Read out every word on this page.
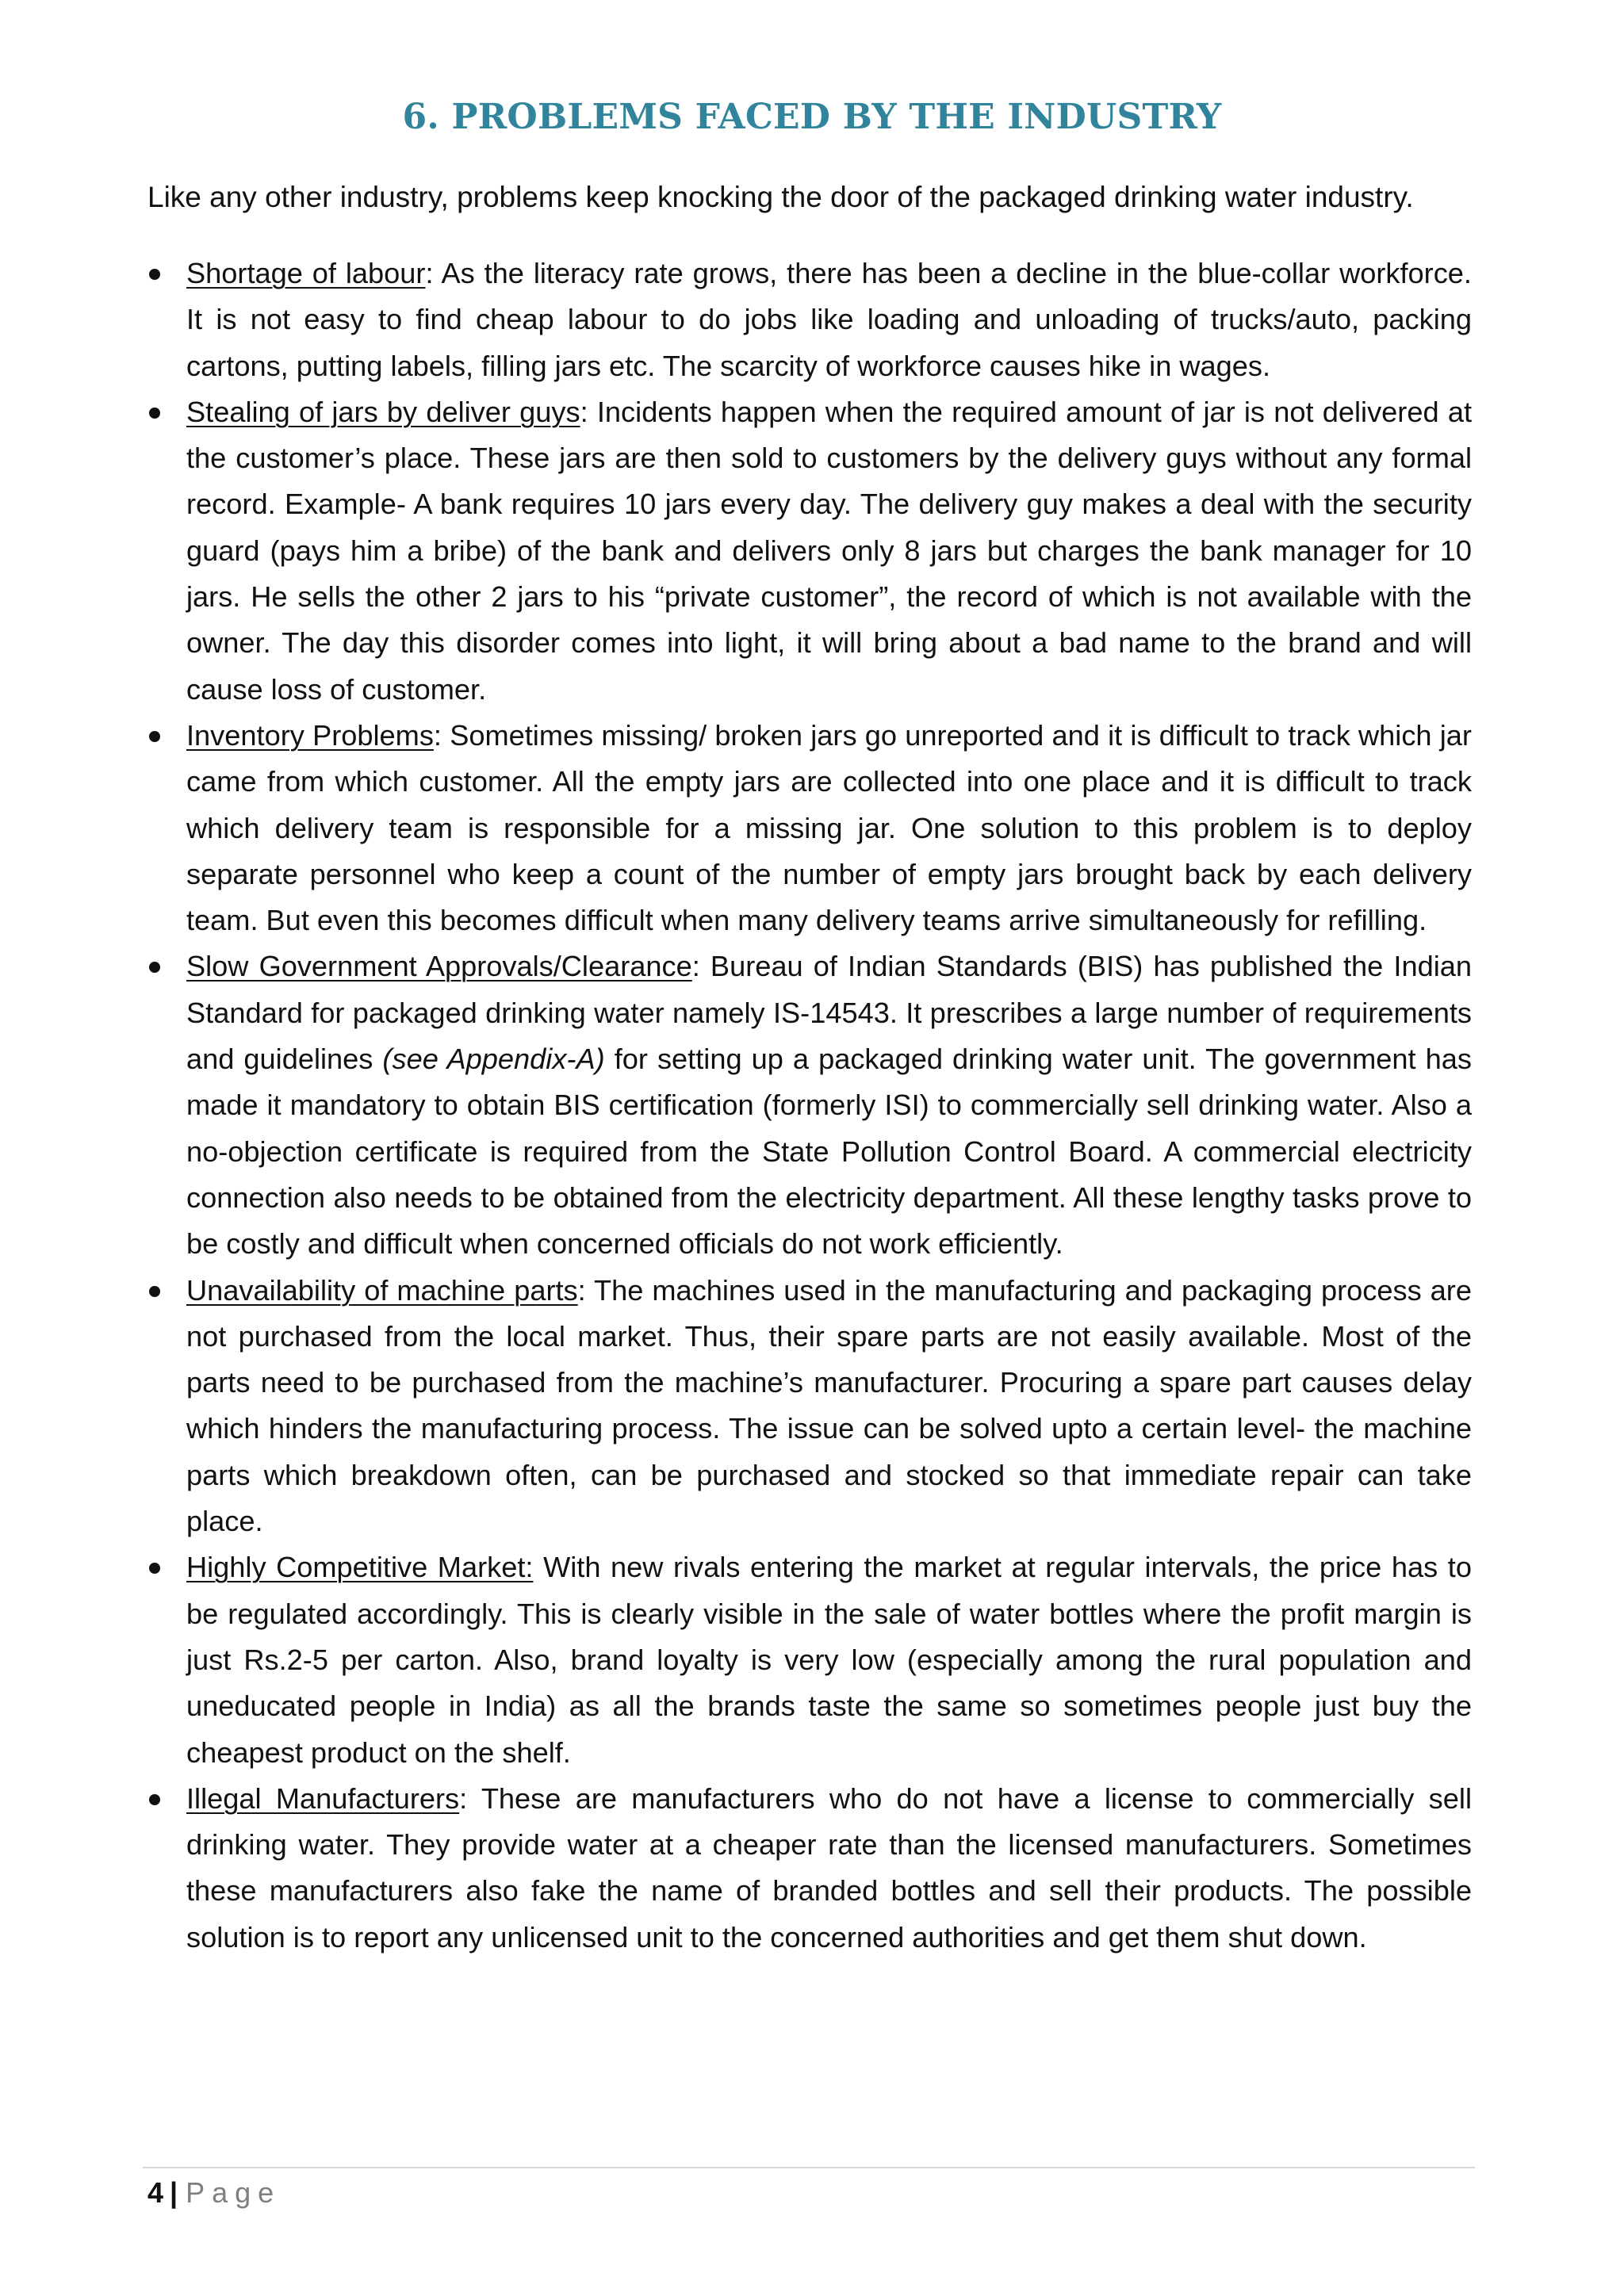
6. PROBLEMS FACED BY THE INDUSTRY

Like any other industry, problems keep knocking the door of the packaged drinking water industry.

Shortage of labour: As the literacy rate grows, there has been a decline in the blue-collar workforce. It is not easy to find cheap labour to do jobs like loading and unloading of trucks/auto, packing cartons, putting labels, filling jars etc. The scarcity of workforce causes hike in wages.
Stealing of jars by deliver guys: Incidents happen when the required amount of jar is not delivered at the customer’s place. These jars are then sold to customers by the delivery guys without any formal record. Example- A bank requires 10 jars every day. The delivery guy makes a deal with the security guard (pays him a bribe) of the bank and delivers only 8 jars but charges the bank manager for 10 jars. He sells the other 2 jars to his “private customer”, the record of which is not available with the owner. The day this disorder comes into light, it will bring about a bad name to the brand and will cause loss of customer.
Inventory Problems: Sometimes missing/ broken jars go unreported and it is difficult to track which jar came from which customer. All the empty jars are collected into one place and it is difficult to track which delivery team is responsible for a missing jar. One solution to this problem is to deploy separate personnel who keep a count of the number of empty jars brought back by each delivery team. But even this becomes difficult when many delivery teams arrive simultaneously for refilling.
Slow Government Approvals/Clearance: Bureau of Indian Standards (BIS) has published the Indian Standard for packaged drinking water namely IS-14543. It prescribes a large number of requirements and guidelines (see Appendix-A) for setting up a packaged drinking water unit. The government has made it mandatory to obtain BIS certification (formerly ISI) to commercially sell drinking water. Also a no-objection certificate is required from the State Pollution Control Board. A commercial electricity connection also needs to be obtained from the electricity department. All these lengthy tasks prove to be costly and difficult when concerned officials do not work efficiently.
Unavailability of machine parts: The machines used in the manufacturing and packaging process are not purchased from the local market. Thus, their spare parts are not easily available. Most of the parts need to be purchased from the machine’s manufacturer. Procuring a spare part causes delay which hinders the manufacturing process. The issue can be solved upto a certain level- the machine parts which breakdown often, can be purchased and stocked so that immediate repair can take place.
Highly Competitive Market: With new rivals entering the market at regular intervals, the price has to be regulated accordingly. This is clearly visible in the sale of water bottles where the profit margin is just Rs.2-5 per carton. Also, brand loyalty is very low (especially among the rural population and uneducated people in India) as all the brands taste the same so sometimes people just buy the cheapest product on the shelf.
Illegal Manufacturers: These are manufacturers who do not have a license to commercially sell drinking water. They provide water at a cheaper rate than the licensed manufacturers. Sometimes these manufacturers also fake the name of branded bottles and sell their products. The possible solution is to report any unlicensed unit to the concerned authorities and get them shut down.
4 | Page
